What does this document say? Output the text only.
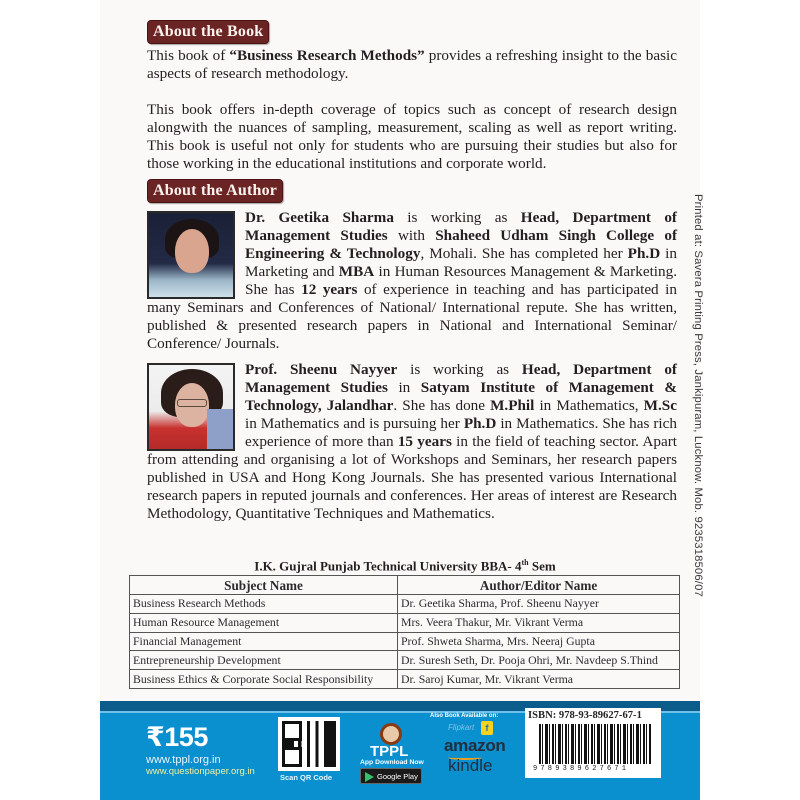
About the Book

This book of “Business Research Methods” provides a refreshing insight to the basic aspects of research methodology.

This book offers in-depth coverage of topics such as concept of research design alongwith the nuances of sampling, measurement, scaling as well as report writing. This book is useful not only for students who are pursuing their studies but also for those working in the educational institutions and corporate world.

About the Author

Dr. Geetika Sharma is working as Head, Department of Management Studies with Shaheed Udham Singh College of Engineering & Technology, Mohali. She has completed her Ph.D in Marketing and MBA in Human Resources Management & Marketing. She has 12 years of experience in teaching and has participated in many Seminars and Conferences of National/ International repute. She has written, published & presented research papers in National and International Seminar/ Conference/ Journals.

Prof. Sheenu Nayyer is working as Head, Department of Management Studies in Satyam Institute of Management & Technology, Jalandhar. She has done M.Phil in Mathematics, M.Sc in Mathematics and is pursuing her Ph.D in Mathematics. She has rich experience of more than 15 years in the field of teaching sector. Apart from attending and organising a lot of Workshops and Seminars, her research papers published in USA and Hong Kong Journals. She has presented various International research papers in reputed journals and conferences. Her areas of interest are Research Methodology, Quantitative Techniques and Mathematics.	Printed at: Savera Printing Press, Jankipuram, Lucknow. Mob. 9235318506/07
I.K. Gujral Punjab Technical University BBA- 4th Sem
Subject Name	Author/Editor Name
Business Research Methods	Dr. Geetika Sharma, Prof. Sheenu Nayyer
Human Resource Management	Mrs. Veera Thakur, Mr. Vikrant Verma
Financial Management	Prof. Shweta Sharma, Mrs. Neeraj Gupta
Entrepreneurship Development	Dr. Suresh Seth, Dr. Pooja Ohri, Mr. Navdeep S.Thind
Business Ethics & Corporate Social Responsibility	Dr. Saroj Kumar, Mr. Vikrant Verma
₹155
www.tppl.org.in
www.questionpaper.org.in
Scan QR Code
TPPL
App Download Now
Google Play
Also Book Available on:
Flipkart	f
amazon
kindle
ISBN: 978-93-89627-67-1
9789389627671
